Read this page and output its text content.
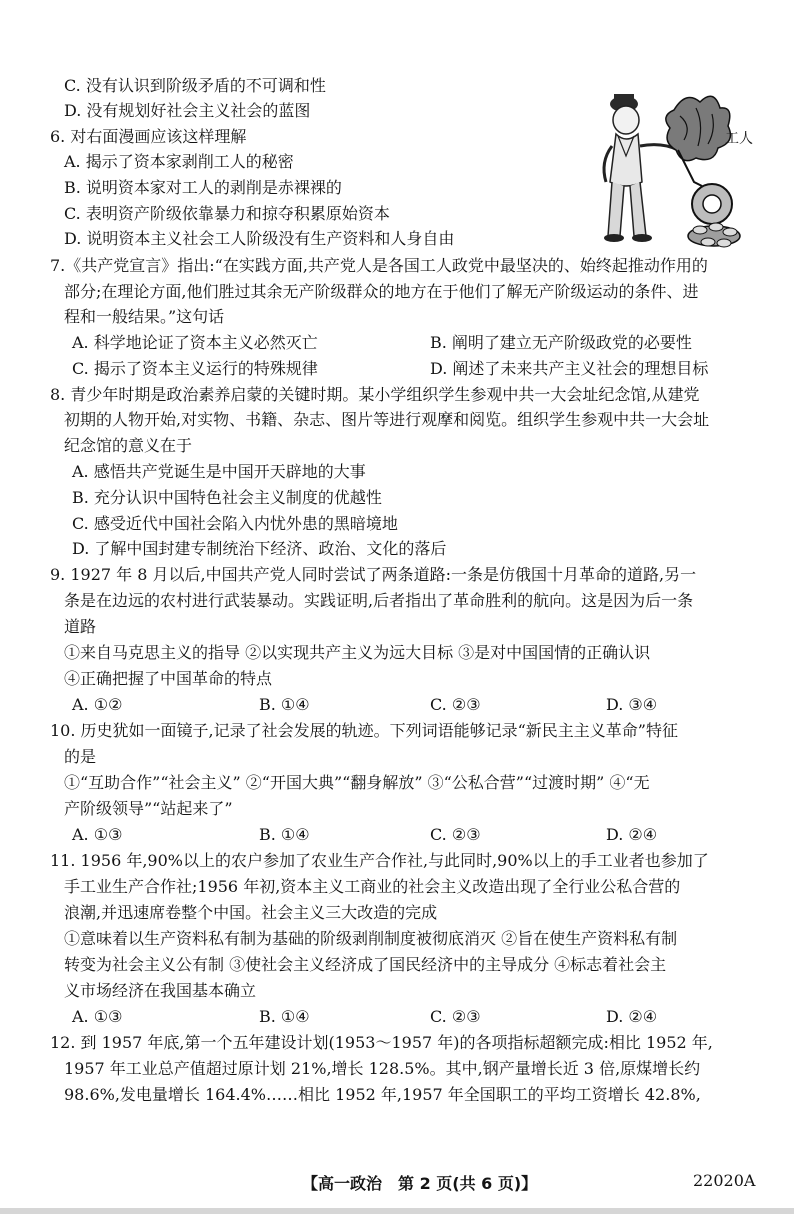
C. 没有认识到阶级矛盾的不可调和性
D. 没有规划好社会主义社会的蓝图
6. 对右面漫画应该这样理解
A. 揭示了资本家剥削工人的秘密
B. 说明资本家对工人的剥削是赤裸裸的
C. 表明资产阶级依靠暴力和掠夺积累原始资本
D. 说明资本主义社会工人阶级没有生产资料和人身自由
工人
7.《共产党宣言》指出:“在实践方面,共产党人是各国工人政党中最坚决的、始终起推动作用的
部分;在理论方面,他们胜过其余无产阶级群众的地方在于他们了解无产阶级运动的条件、进
程和一般结果。”这句话
A. 科学地论证了资本主义必然灭亡	B. 阐明了建立无产阶级政党的必要性
C. 揭示了资本主义运行的特殊规律	D. 阐述了未来共产主义社会的理想目标
8. 青少年时期是政治素养启蒙的关键时期。某小学组织学生参观中共一大会址纪念馆,从建党
初期的人物开始,对实物、书籍、杂志、图片等进行观摩和阅览。组织学生参观中共一大会址
纪念馆的意义在于
A. 感悟共产党诞生是中国开天辟地的大事
B. 充分认识中国特色社会主义制度的优越性
C. 感受近代中国社会陷入内忧外患的黑暗境地
D. 了解中国封建专制统治下经济、政治、文化的落后
9. 1927 年 8 月以后,中国共产党人同时尝试了两条道路:一条是仿俄国十月革命的道路,另一
条是在边远的农村进行武装暴动。实践证明,后者指出了革命胜利的航向。这是因为后一条
道路
①来自马克思主义的指导 ②以实现共产主义为远大目标 ③是对中国国情的正确认识
④正确把握了中国革命的特点
A. ①②	B. ①④	C. ②③	D. ③④
10. 历史犹如一面镜子,记录了社会发展的轨迹。下列词语能够记录“新民主主义革命”特征
的是
①“互助合作”“社会主义” ②“开国大典”“翻身解放” ③“公私合营”“过渡时期” ④“无
产阶级领导”“站起来了”
A. ①③	B. ①④	C. ②③	D. ②④
11. 1956 年,90%以上的农户参加了农业生产合作社,与此同时,90%以上的手工业者也参加了
手工业生产合作社;1956 年初,资本主义工商业的社会主义改造出现了全行业公私合营的
浪潮,并迅速席卷整个中国。社会主义三大改造的完成
①意味着以生产资料私有制为基础的阶级剥削制度被彻底消灭 ②旨在使生产资料私有制
转变为社会主义公有制 ③使社会主义经济成了国民经济中的主导成分 ④标志着社会主
义市场经济在我国基本确立
A. ①③	B. ①④	C. ②③	D. ②④
12. 到 1957 年底,第一个五年建设计划(1953～1957 年)的各项指标超额完成:相比 1952 年,
1957 年工业总产值超过原计划 21%,增长 128.5%。其中,钢产量增长近 3 倍,原煤增长约
98.6%,发电量增长 164.4%……相比 1952 年,1957 年全国职工的平均工资增长 42.8%,
【高一政治　第 2 页(共 6 页)】	22020A
